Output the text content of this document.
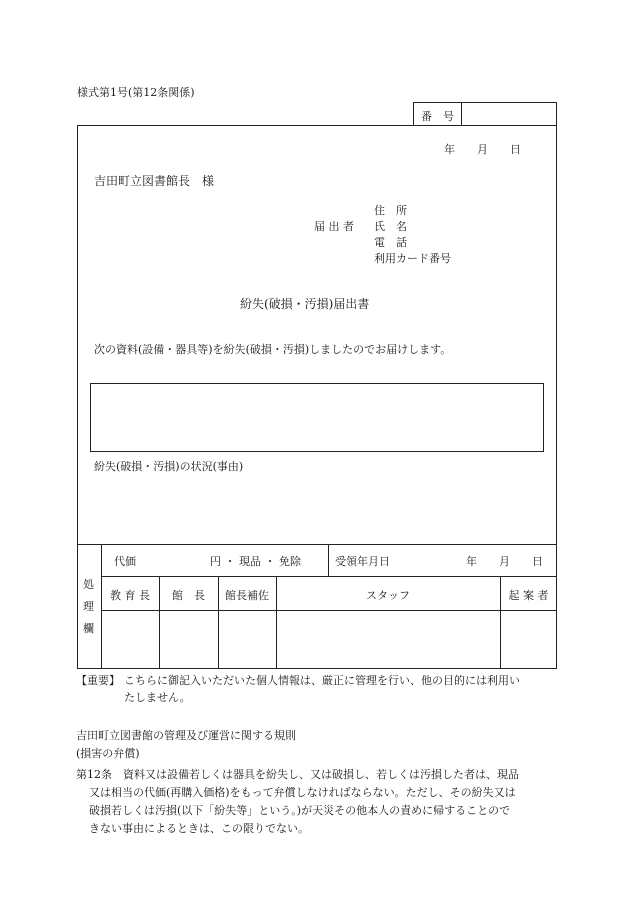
様式第1号(第12条関係)
番　号
年　　月　　日
吉田町立図書館長　様
届 出 者
住　所
氏　名
電　話
利用カード番号
紛失(破損・汚損)届出書
次の資料(設備・器具等)を紛失(破損・汚損)しましたのでお届けします。
紛失(破損・汚損)の状況(事由)
処
理
欄
代価	円 ・ 現品 ・ 免除	受領年月日	年　　月　　日
教 育 長	館　長	館長補佐	スタッフ	起 案 者
【重要】 こちらに御記入いただいた個人情報は、厳正に管理を行い、他の目的には利用い
たしません。
吉田町立図書館の管理及び運営に関する規則
(損害の弁償)
第12条　資料又は設備若しくは器具を紛失し、又は破損し、若しくは汚損した者は、現品
又は相当の代価(再購入価格)をもって弁償しなければならない。ただし、その紛失又は
破損若しくは汚損(以下「紛失等」という。)が天災その他本人の責めに帰することので
きない事由によるときは、この限りでない。
